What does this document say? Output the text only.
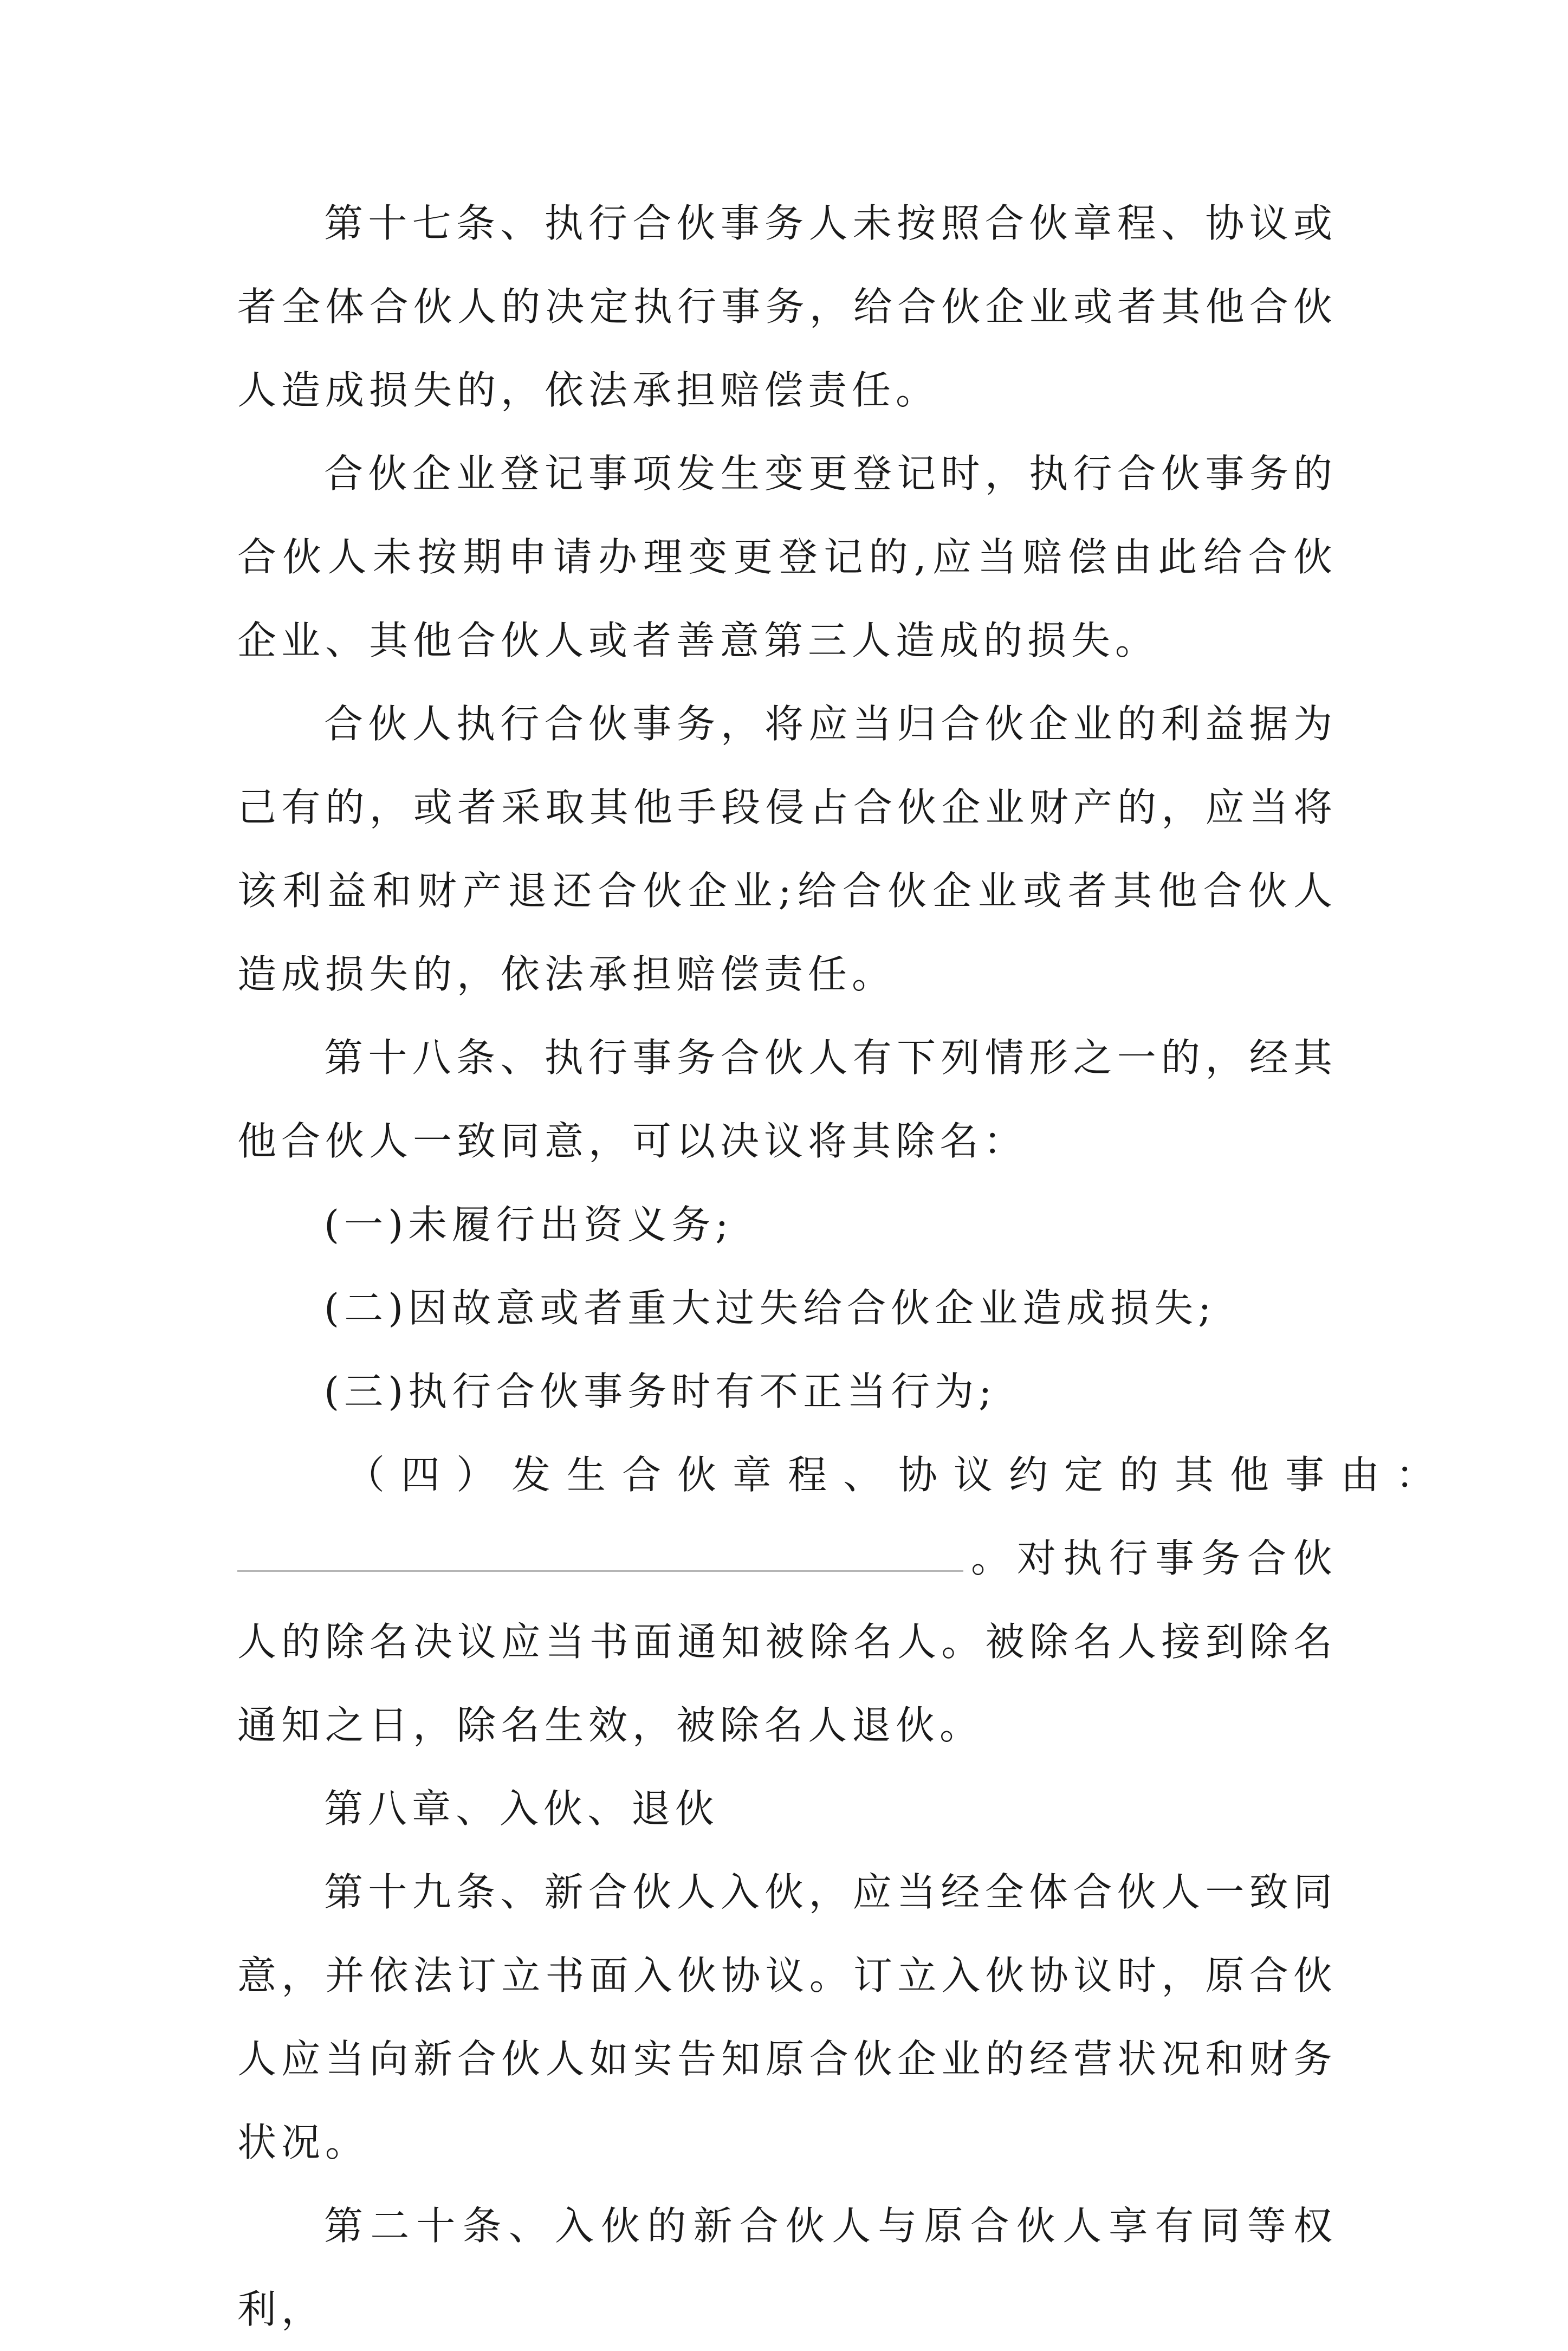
第十七条、执行合伙事务人未按照合伙章程、协议或者全体合伙人的决定执行事务，给合伙企业或者其他合伙人造成损失的，依法承担赔偿责任。

合伙企业登记事项发生变更登记时，执行合伙事务的合伙人未按期申请办理变更登记的,应当赔偿由此给合伙企业、其他合伙人或者善意第三人造成的损失。

合伙人执行合伙事务，将应当归合伙企业的利益据为己有的，或者采取其他手段侵占合伙企业财产的，应当将该利益和财产退还合伙企业;给合伙企业或者其他合伙人造成损失的，依法承担赔偿责任。

第十八条、执行事务合伙人有下列情形之一的，经其他合伙人一致同意，可以决议将其除名：

(一)未履行出资义务;

(二)因故意或者重大过失给合伙企业造成损失;

(三)执行合伙事务时有不正当行为;

（四）发生合伙章程、协议约定的其他事由：
。对执行事务合伙人的除名决议应当书面通知被除名人。被除名人接到除名通知之日，除名生效，被除名人退伙。

第八章、入伙、退伙

第十九条、新合伙人入伙，应当经全体合伙人一致同意，并依法订立书面入伙协议。订立入伙协议时，原合伙人应当向新合伙人如实告知原合伙企业的经营状况和财务状况。

第二十条、入伙的新合伙人与原合伙人享有同等权利，
